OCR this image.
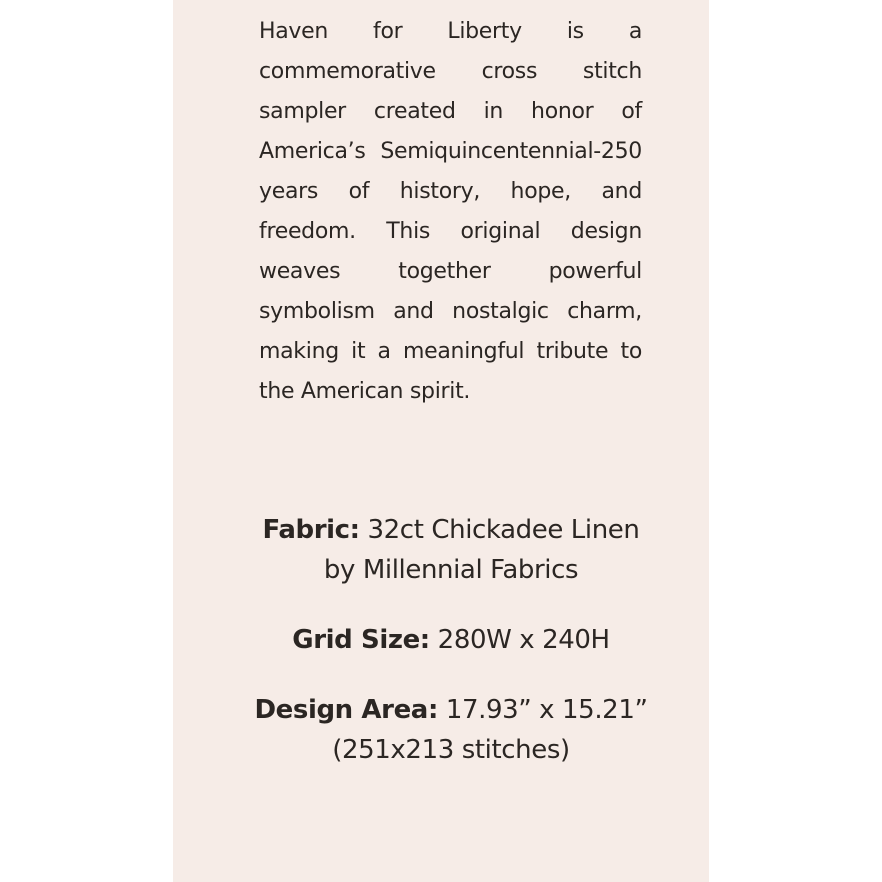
Haven for Liberty is a commemorative cross stitch sampler created in honor of America’s Semiquincentennial-250 years of history, hope, and freedom. This original design weaves together powerful symbolism and nostalgic charm, making it a meaningful tribute to the American spirit.

Fabric: 32ct Chickadee Linen by Millennial Fabrics

Grid Size: 280W x 240H

Design Area: 17.93” x 15.21” (251x213 stitches)
